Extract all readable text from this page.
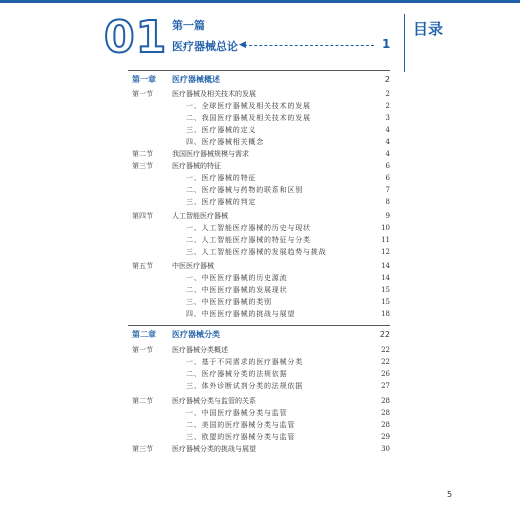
01 第一篇
医疗器械总论 ◀	1
目录
第一章 医疗器械概述	2
第一节	医疗器械及相关技术的发展	2
一、全球医疗器械及相关技术的发展	2
二、我国医疗器械及相关技术的发展	3
三、医疗器械的定义	4
四、医疗器械相关概念	4
第二节	我国医疗器械规模与需求	4
第三节	医疗器械的特征	6
一、医疗器械的特征	6
二、医疗器械与药物的联系和区别	7
三、医疗器械的判定	8
第四节	人工智能医疗器械	9
一、人工智能医疗器械的历史与现状	10
二、人工智能医疗器械的特征与分类	11
三、人工智能医疗器械的发展趋势与挑战	12
第五节	中医医疗器械	14
一、中医医疗器械的历史源流	14
二、中医医疗器械的发展现状	15
三、中医医疗器械的类别	15
四、中医医疗器械的挑战与展望	18
第二章 医疗器械分类	22
第一节	医疗器械分类概述	22
一、基于不同需求的医疗器械分类	22
二、医疗器械分类的法规依据	26
三、体外诊断试剂分类的法规依据	27
第二节	医疗器械分类与监管的关系	28
一、中国医疗器械分类与监管	28
二、美国的医疗器械分类与监管	28
三、欧盟的医疗器械分类与监管	29
第三节	医疗器械分类的挑战与展望	30
5
